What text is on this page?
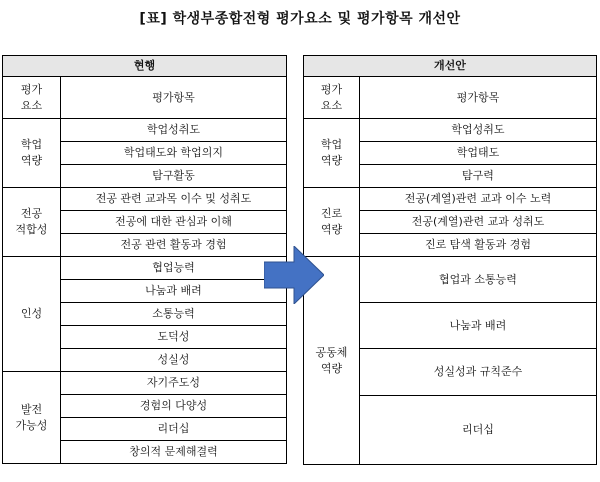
[표] 학생부종합전형 평가요소 및 평가항목 개선안
현행	
평가
요소	평가항목
학업
역량	학업성취도
	학업태도와 학업의지
	탐구활동
전공
적합성	전공 관련 교과목 이수 및 성취도
	전공에 대한 관심과 이해
	전공 관련 활동과 경험
인성	협업능력
	나눔과 배려
	소통능력
	도덕성
	성실성
발전
가능성	자기주도성
	경험의 다양성
	리더십
	창의적 문제해결력
개선안	
평가
요소	평가항목
학업
역량	학업성취도
	학업태도
	탐구력
진로
역량	전공(계열)관련 교과 이수 노력
	전공(계열)관련 교과 성취도
	진로 탐색 활동과 경험
공동체
역량	협업과 소통능력
	나눔과 배려
	성실성과 규칙준수
	리더십
